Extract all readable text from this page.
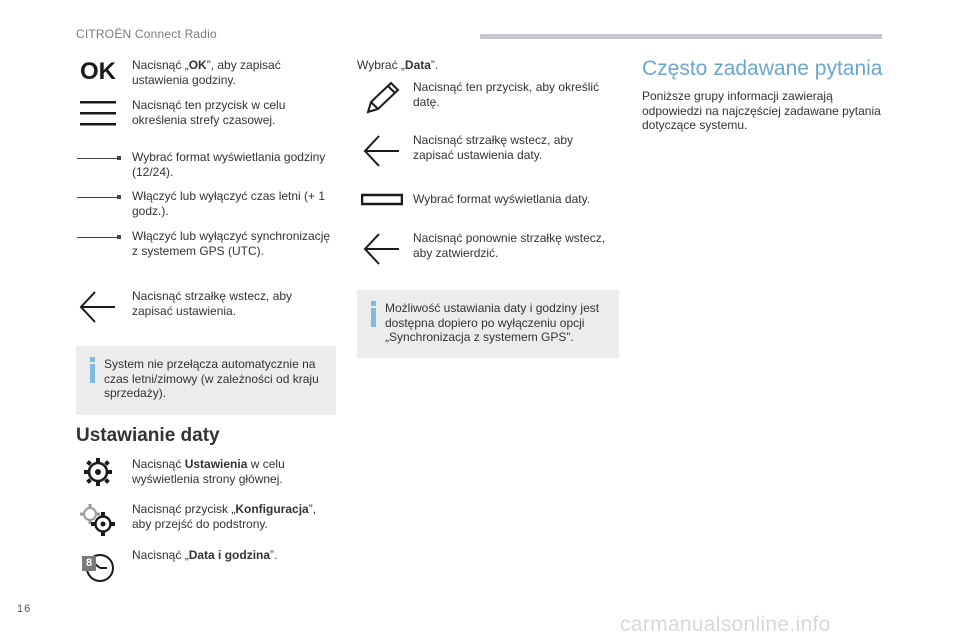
CITROËN Connect Radio
OK Nacisnąć „OK”, aby zapisać ustawienia godziny.
Nacisnąć ten przycisk w celu określenia strefy czasowej.
Wybrać format wyświetlania godziny (12/24).
Włączyć lub wyłączyć czas letni (+ 1 godz.).
Włączyć lub wyłączyć synchronizację z systemem GPS (UTC).
Nacisnąć strzałkę wstecz, aby zapisać ustawienia.
System nie przełącza automatycznie na czas letni/zimowy (w zależności od kraju sprzedaży).
Ustawianie daty
Nacisnąć Ustawienia w celu wyświetlenia strony głównej.
Nacisnąć przycisk „Konfiguracja”, aby przejść do podstrony.
Nacisnąć „Data i godzina”.
8
Wybrać „Data”.
Nacisnąć ten przycisk, aby określić datę.
Nacisnąć strzałkę wstecz, aby zapisać ustawienia daty.
Wybrać format wyświetlania daty.
Nacisnąć ponownie strzałkę wstecz, aby zatwierdzić.
Możliwość ustawiania daty i godziny jest dostępna dopiero po wyłączeniu opcji „Synchronizacja z systemem GPS”.
Często zadawane pytania
Poniższe grupy informacji zawierają odpowiedzi na najczęściej zadawane pytania dotyczące systemu.
16
carmanualsonline.info
